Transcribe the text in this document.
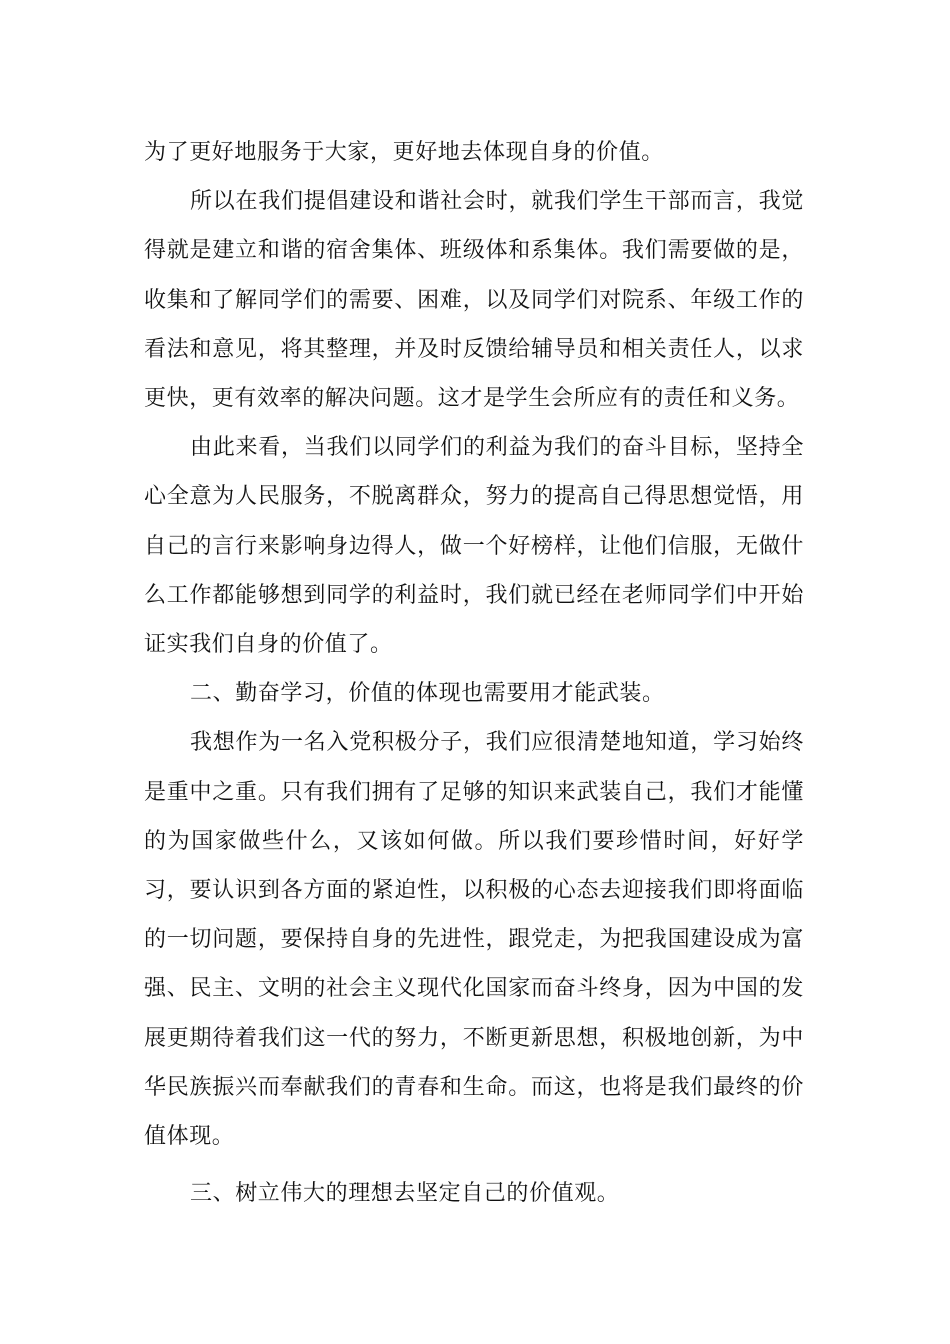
为了更好地服务于大家，更好地去体现自身的价值。

所以在我们提倡建设和谐社会时，就我们学生干部而言，我觉得就是建立和谐的宿舍集体、班级体和系集体。我们需要做的是，收集和了解同学们的需要、困难，以及同学们对院系、年级工作的看法和意见，将其整理，并及时反馈给辅导员和相关责任人，以求更快，更有效率的解决问题。这才是学生会所应有的责任和义务。

由此来看，当我们以同学们的利益为我们的奋斗目标，坚持全心全意为人民服务，不脱离群众，努力的提高自己得思想觉悟，用自己的言行来影响身边得人，做一个好榜样，让他们信服，无做什么工作都能够想到同学的利益时，我们就已经在老师同学们中开始证实我们自身的价值了。

二、勤奋学习，价值的体现也需要用才能武装。

我想作为一名入党积极分子，我们应很清楚地知道，学习始终是重中之重。只有我们拥有了足够的知识来武装自己，我们才能懂的为国家做些什么，又该如何做。所以我们要珍惜时间，好好学习，要认识到各方面的紧迫性，以积极的心态去迎接我们即将面临的一切问题，要保持自身的先进性，跟党走，为把我国建设成为富强、民主、文明的社会主义现代化国家而奋斗终身，因为中国的发展更期待着我们这一代的努力，不断更新思想，积极地创新，为中华民族振兴而奉献我们的青春和生命。而这，也将是我们最终的价值体现。

三、树立伟大的理想去坚定自己的价值观。
